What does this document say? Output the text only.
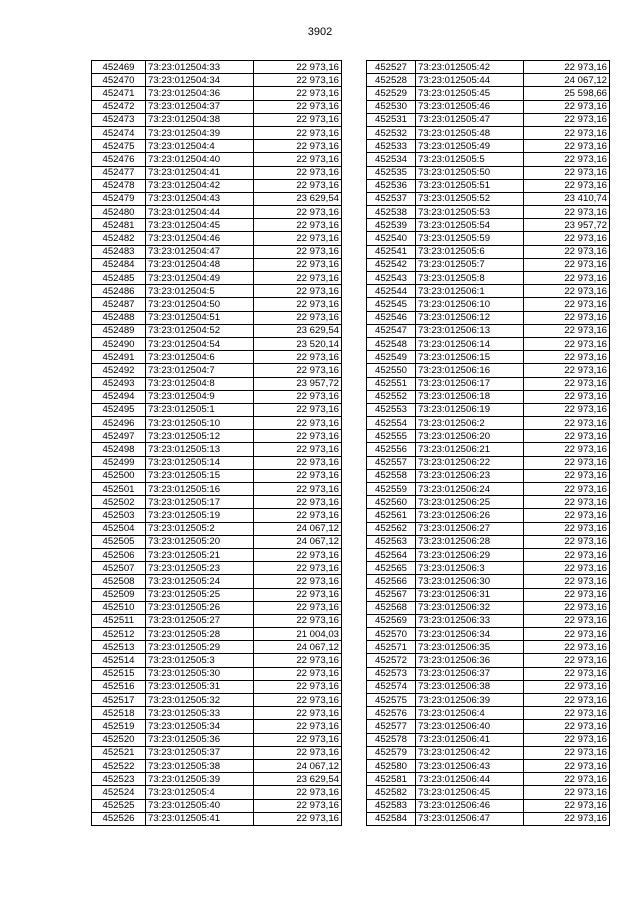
3902
452469	73:23:012504:33	22 973,16
452470	73:23:012504:34	22 973,16
452471	73:23:012504:36	22 973,16
452472	73:23:012504:37	22 973,16
452473	73:23:012504:38	22 973,16
452474	73:23:012504:39	22 973,16
452475	73:23:012504:4	22 973,16
452476	73:23:012504:40	22 973,16
452477	73:23:012504:41	22 973,16
452478	73:23:012504:42	22 973,16
452479	73:23:012504:43	23 629,54
452480	73:23:012504:44	22 973,16
452481	73:23:012504:45	22 973,16
452482	73:23:012504:46	22 973,16
452483	73:23:012504:47	22 973,16
452484	73:23:012504:48	22 973,16
452485	73:23:012504:49	22 973,16
452486	73:23:012504:5	22 973,16
452487	73:23:012504:50	22 973,16
452488	73:23:012504:51	22 973,16
452489	73:23:012504:52	23 629,54
452490	73:23:012504:54	23 520,14
452491	73:23:012504:6	22 973,16
452492	73:23:012504:7	22 973,16
452493	73:23:012504:8	23 957,72
452494	73:23:012504:9	22 973,16
452495	73:23:012505:1	22 973,16
452496	73:23:012505:10	22 973,16
452497	73:23:012505:12	22 973,16
452498	73:23:012505:13	22 973,16
452499	73:23:012505:14	22 973,16
452500	73:23:012505:15	22 973,16
452501	73:23:012505:16	22 973,16
452502	73:23:012505:17	22 973,16
452503	73:23:012505:19	22 973,16
452504	73:23:012505:2	24 067,12
452505	73:23:012505:20	24 067,12
452506	73:23:012505:21	22 973,16
452507	73:23:012505:23	22 973,16
452508	73:23:012505:24	22 973,16
452509	73:23:012505:25	22 973,16
452510	73:23:012505:26	22 973,16
452511	73:23:012505:27	22 973,16
452512	73:23:012505:28	21 004,03
452513	73:23:012505:29	24 067,12
452514	73:23:012505:3	22 973,16
452515	73:23:012505:30	22 973,16
452516	73:23:012505:31	22 973,16
452517	73:23:012505:32	22 973,16
452518	73:23:012505:33	22 973,16
452519	73:23:012505:34	22 973,16
452520	73:23:012505:36	22 973,16
452521	73:23:012505:37	22 973,16
452522	73:23:012505:38	24 067,12
452523	73:23:012505:39	23 629,54
452524	73:23:012505:4	22 973,16
452525	73:23:012505:40	22 973,16
452526	73:23:012505:41	22 973,16
452527	73:23:012505:42	22 973,16
452528	73:23:012505:44	24 067,12
452529	73:23:012505:45	25 598,66
452530	73:23:012505:46	22 973,16
452531	73:23:012505:47	22 973,16
452532	73:23:012505:48	22 973,16
452533	73:23:012505:49	22 973,16
452534	73:23:012505:5	22 973,16
452535	73:23:012505:50	22 973,16
452536	73:23:012505:51	22 973,16
452537	73:23:012505:52	23 410,74
452538	73:23:012505:53	22 973,16
452539	73:23:012505:54	23 957,72
452540	73:23:012505:59	22 973,16
452541	73:23:012505:6	22 973,16
452542	73:23:012505:7	22 973,16
452543	73:23:012505:8	22 973,16
452544	73:23:012506:1	22 973,16
452545	73:23:012506:10	22 973,16
452546	73:23:012506:12	22 973,16
452547	73:23:012506:13	22 973,16
452548	73:23:012506:14	22 973,16
452549	73:23:012506:15	22 973,16
452550	73:23:012506:16	22 973,16
452551	73:23:012506:17	22 973,16
452552	73:23:012506:18	22 973,16
452553	73:23:012506:19	22 973,16
452554	73:23:012506:2	22 973,16
452555	73:23:012506:20	22 973,16
452556	73:23:012506:21	22 973,16
452557	73:23:012506:22	22 973,16
452558	73:23:012506:23	22 973,16
452559	73:23:012506:24	22 973,16
452560	73:23:012506:25	22 973,16
452561	73:23:012506:26	22 973,16
452562	73:23:012506:27	22 973,16
452563	73:23:012506:28	22 973,16
452564	73:23:012506:29	22 973,16
452565	73:23:012506:3	22 973,16
452566	73:23:012506:30	22 973,16
452567	73:23:012506:31	22 973,16
452568	73:23:012506:32	22 973,16
452569	73:23:012506:33	22 973,16
452570	73:23:012506:34	22 973,16
452571	73:23:012506:35	22 973,16
452572	73:23:012506:36	22 973,16
452573	73:23:012506:37	22 973,16
452574	73:23:012506:38	22 973,16
452575	73:23:012506:39	22 973,16
452576	73:23:012506:4	22 973,16
452577	73:23:012506:40	22 973,16
452578	73:23:012506:41	22 973,16
452579	73:23:012506:42	22 973,16
452580	73:23:012506:43	22 973,16
452581	73:23:012506:44	22 973,16
452582	73:23:012506:45	22 973,16
452583	73:23:012506:46	22 973,16
452584	73:23:012506:47	22 973,16
